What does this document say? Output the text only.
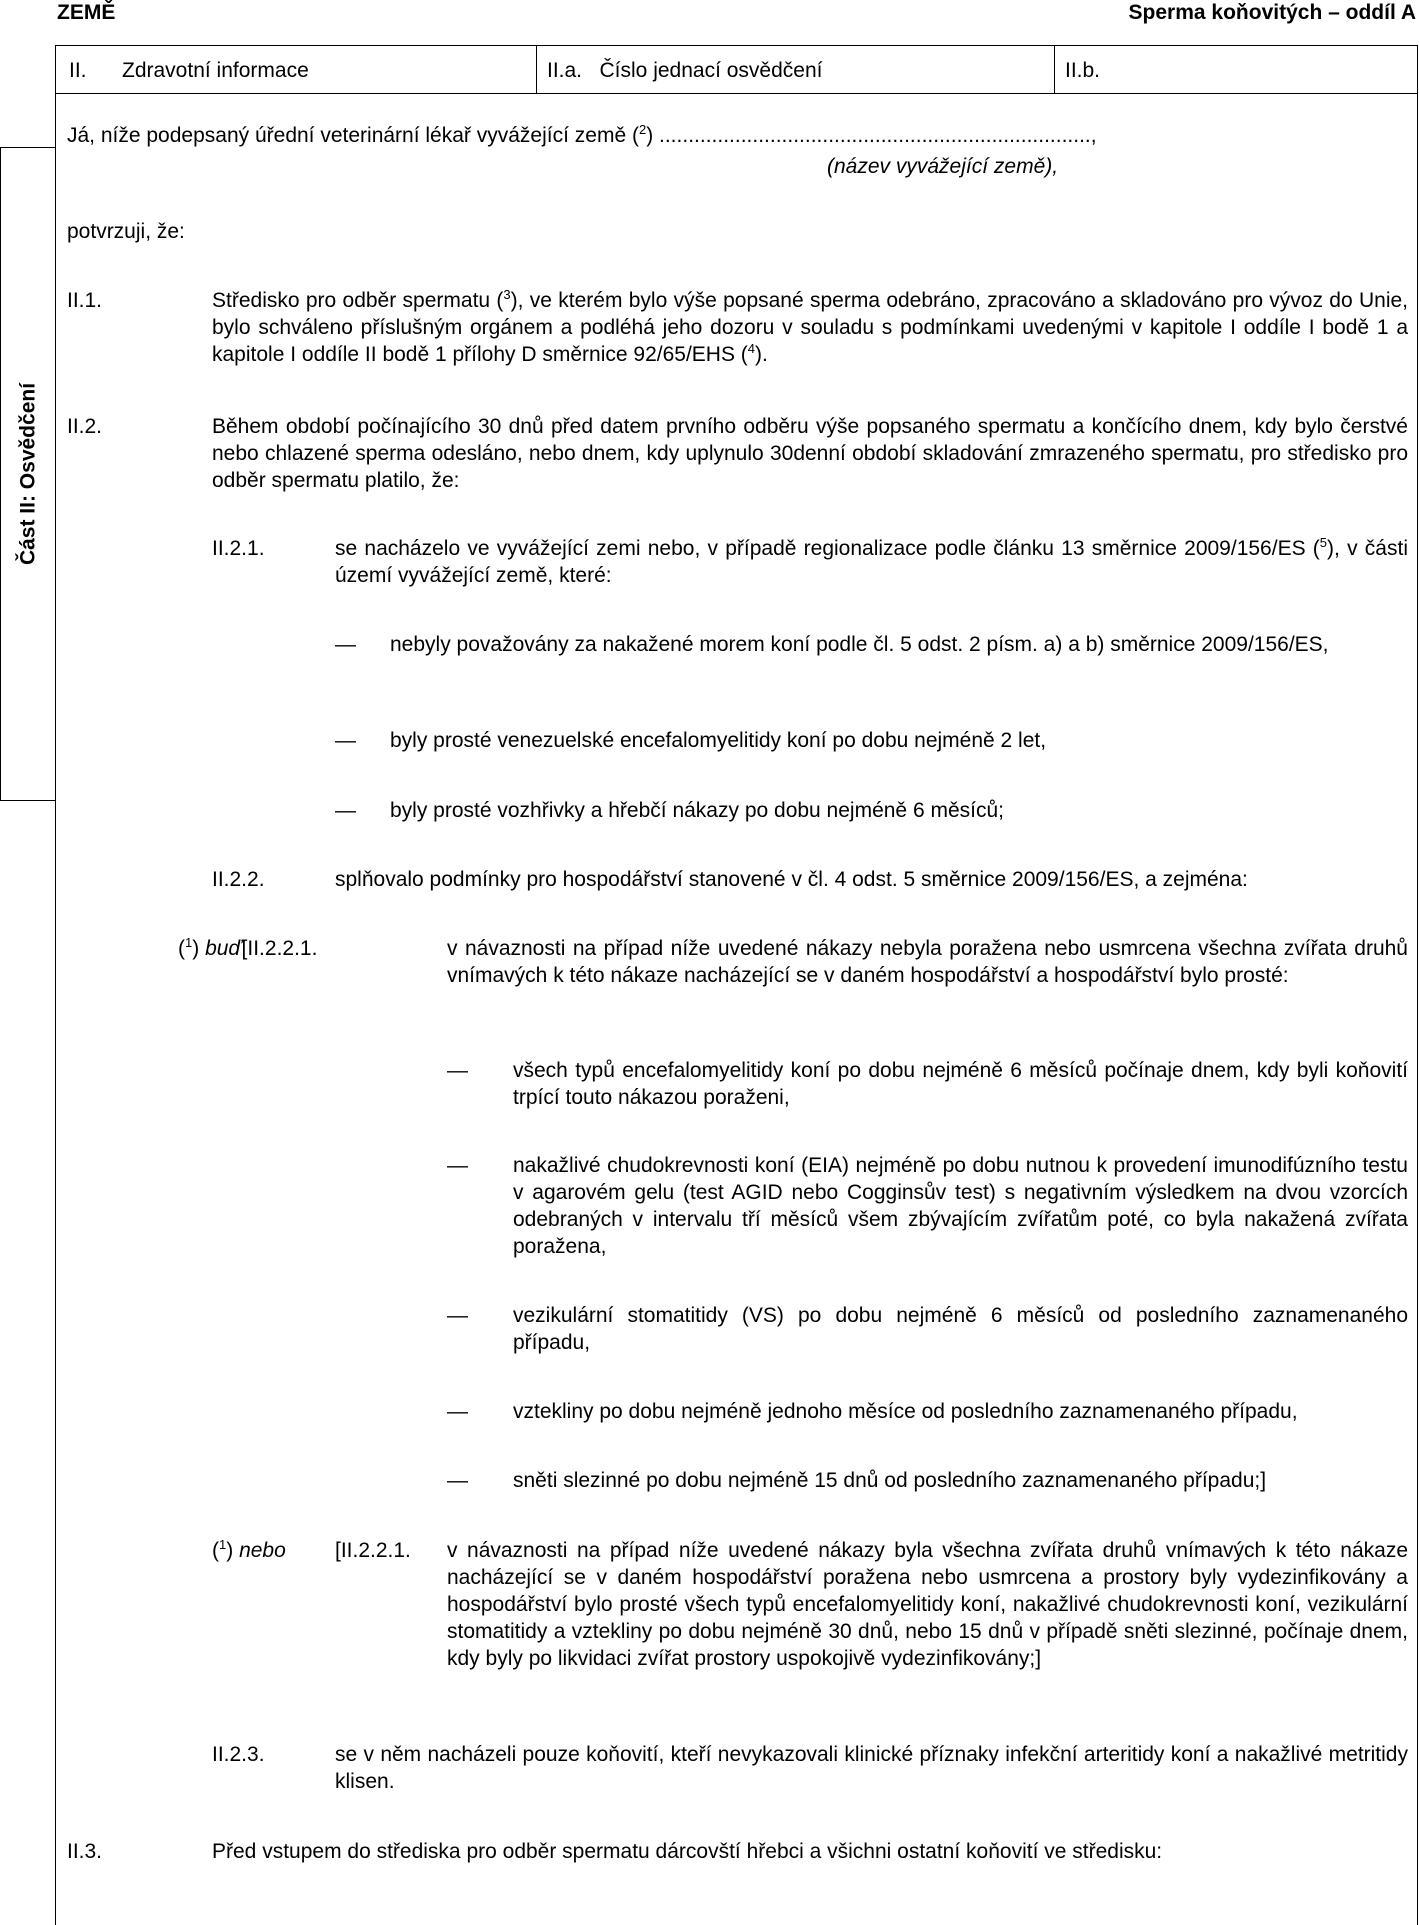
ZEMĚ	Sperma koňovitých – oddíl A
II. Zdravotní informace	II.a.   Číslo jednací osvědčení	II.b.
Část II: Osvědčení
Já, níže podepsaný úřední veterinární lékař vyvážející země ($^2$) ..........................................................................,
(název vyvážející země),
potvrzuji, že:
II.1.	Středisko pro odběr spermatu ($^3$), ve kterém bylo výše popsané sperma odebráno, zpracováno a skladováno pro vývoz do Unie, bylo schváleno příslušným orgánem a podléhá jeho dozoru v souladu s podmínkami uvedenými v kapitole I oddíle I bodě 1 a kapitole I oddíle II bodě 1 přílohy D směrnice 92/65/EHS ($^4$).
II.2.	Během období počínajícího 30 dnů před datem prvního odběru výše popsaného spermatu a končícího dnem, kdy bylo čerstvé nebo chlazené sperma odesláno, nebo dnem, kdy uplynulo 30denní období skladování zmrazeného spermatu, pro středisko pro odběr spermatu platilo, že:
II.2.1.	se nacházelo ve vyvážející zemi nebo, v případě regionalizace podle článku 13 směrnice 2009/156/ES ($^5$), v části území vyvážející země, které:
— nebyly považovány za nakažené morem koní podle čl. 5 odst. 2 písm. a) a b) směrnice 2009/156/ES,
— byly prosté venezuelské encefalomyelitidy koní po dobu nejméně 2 let,
— byly prosté vozhřivky a hřebčí nákazy po dobu nejméně 6 měsíců;
II.2.2.	splňovalo podmínky pro hospodářství stanovené v čl. 4 odst. 5 směrnice 2009/156/ES, a zejména:
($^1$) buď[II.2.2.1.	v návaznosti na případ níže uvedené nákazy nebyla poražena nebo usmrcena všechna zvířata druhů vnímavých k této nákaze nacházející se v daném hospodářství a hospodářství bylo prosté:
— všech typů encefalomyelitidy koní po dobu nejméně 6 měsíců počínaje dnem, kdy byli koňovití trpící touto nákazou poraženi,
— nakažlivé chudokrevnosti koní (EIA) nejméně po dobu nutnou k provedení imunodifúzního testu v agarovém gelu (test AGID nebo Cogginsův test) s negativním výsledkem na dvou vzorcích odebraných v intervalu tří měsíců všem zbývajícím zvířatům poté, co byla nakažená zvířata poražena,
— vezikulární stomatitidy (VS) po dobu nejméně 6 měsíců od posledního zaznamenaného případu,
— vztekliny po dobu nejméně jednoho měsíce od posledního zaznamenaného případu,
— sněti slezinné po dobu nejméně 15 dnů od posledního zaznamenaného případu;]
($^1$) nebo [II.2.2.1. v návaznosti na případ níže uvedené nákazy byla všechna zvířata druhů vnímavých k této nákaze nacházející se v daném hospodářství poražena nebo usmrcena a prostory byly vydezinfikovány a hospodářství bylo prosté všech typů encefalomyelitidy koní, nakažlivé chudokrevnosti koní, vezikulární stomatitidy a vztekliny po dobu nejméně 30 dnů, nebo 15 dnů v případě sněti slezinné, počínaje dnem, kdy byly po likvidaci zvířat prostory uspokojivě vydezinfikovány;]
II.2.3.	se v něm nacházeli pouze koňovití, kteří nevykazovali klinické příznaky infekční arteritidy koní a nakažlivé metritidy klisen.
II.3.	Před vstupem do střediska pro odběr spermatu dárcovští hřebci a všichni ostatní koňovití ve středisku:
